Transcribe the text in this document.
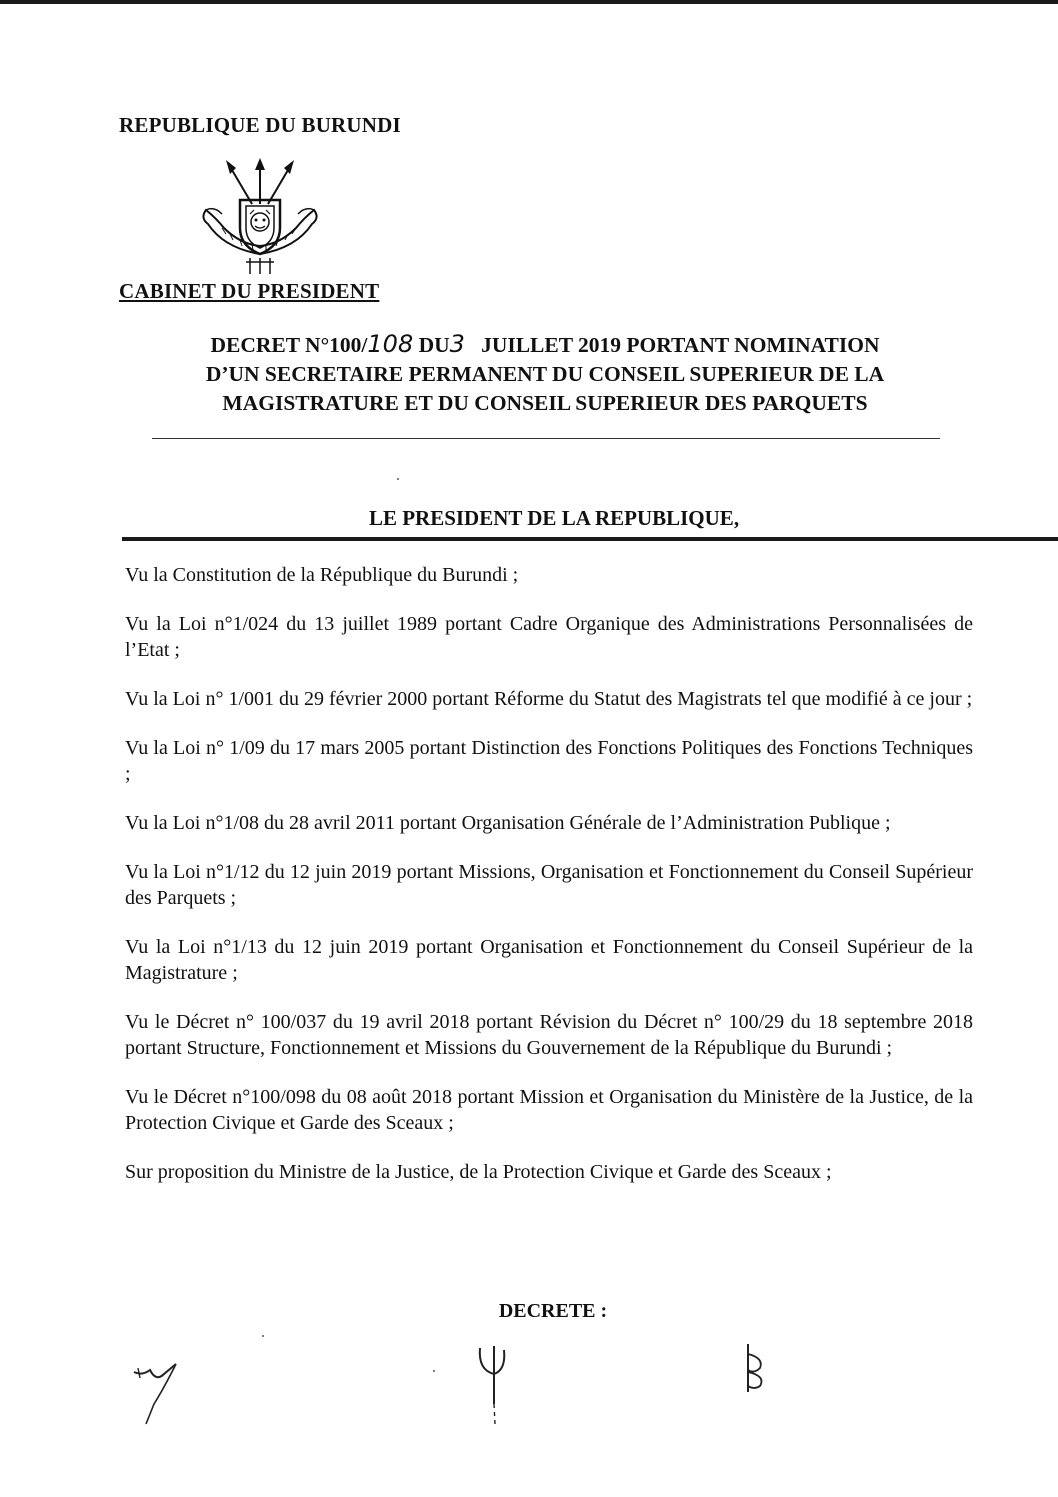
REPUBLIQUE DU BURUNDI
CABINET DU PRESIDENT
DECRET N°100/108 DU3   JUILLET 2019 PORTANT NOMINATION
D’UN SECRETAIRE PERMANENT DU CONSEIL SUPERIEUR DE LA
MAGISTRATURE ET DU CONSEIL SUPERIEUR DES PARQUETS
LE PRESIDENT DE LA REPUBLIQUE,
Vu la Constitution de la République du Burundi ;
Vu la Loi n°1/024 du 13 juillet 1989 portant Cadre Organique des Administrations Personnalisées de l’Etat ;
Vu la Loi n° 1/001 du 29 février 2000 portant Réforme du Statut des Magistrats tel que modifié à ce jour ;
Vu la Loi n° 1/09 du 17 mars 2005 portant Distinction des Fonctions Politiques des Fonctions Techniques ;
Vu la Loi n°1/08 du 28 avril 2011 portant Organisation Générale de l’Administration Publique ;
Vu la Loi n°1/12 du 12 juin 2019 portant Missions, Organisation et Fonctionnement du Conseil Supérieur des Parquets ;
Vu la Loi n°1/13 du 12 juin 2019 portant Organisation et Fonctionnement du Conseil Supérieur de la Magistrature ;
Vu le Décret n° 100/037 du 19 avril 2018 portant Révision du Décret n° 100/29 du 18 septembre 2018 portant Structure, Fonctionnement et Missions du Gouvernement de la République du Burundi ;
Vu le Décret n°100/098 du 08 août 2018 portant Mission et Organisation du Ministère de la Justice, de la Protection Civique et Garde des Sceaux ;
Sur proposition du Ministre de la Justice, de la Protection Civique et Garde des Sceaux ;
DECRETE :
